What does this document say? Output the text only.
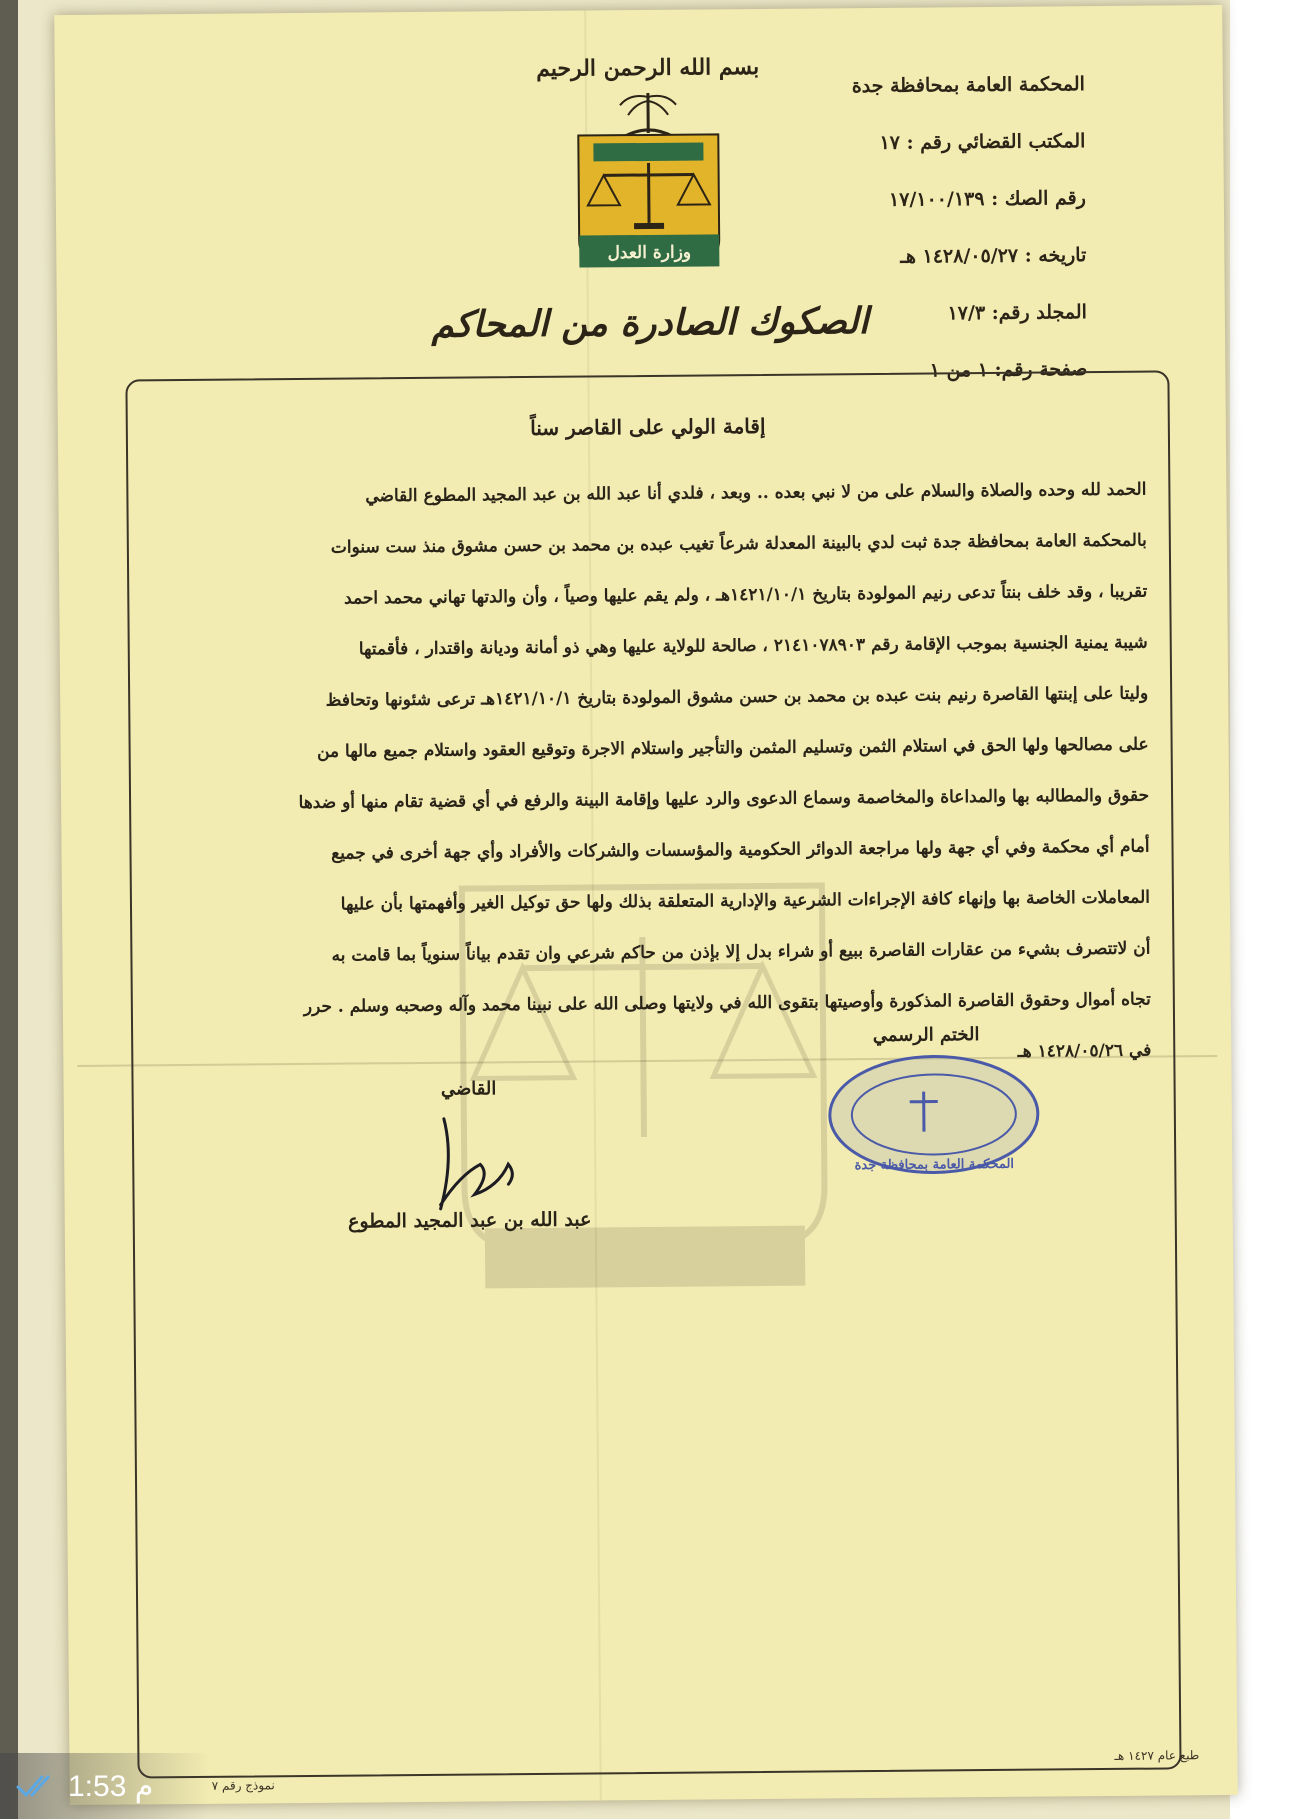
المحكمة العامة بمحافظة جدة
المكتب القضائي رقم : ١٧
رقم الصك : ١٧/١٠٠/١٣٩
تاريخه : ١٤٢٨/٠٥/٢٧ هـ
المجلد رقم: ١٧/٣
صفحة رقم: ١ من ١
بسم الله الرحمن الرحيم
وزارة العدل
الصكوك الصادرة من المحاكم
إقامة الولي على القاصر سناً
الحمد لله وحده والصلاة والسلام على من لا نبي بعده .. وبعد ، فلدي أنا عبد الله بن عبد المجيد المطوع القاضي
بالمحكمة العامة بمحافظة جدة ثبت لدي بالبينة المعدلة شرعاً تغيب عبده بن محمد بن حسن مشوق منذ ست سنوات
تقريبا ، وقد خلف بنتاً تدعى رنيم المولودة بتاريخ ١٤٢١/١٠/١هـ ، ولم يقم عليها وصياً ، وأن والدتها تهاني محمد احمد
شيبة يمنية الجنسية بموجب الإقامة رقم ٢١٤١٠٧٨٩٠٣ ، صالحة للولاية عليها وهي ذو أمانة وديانة واقتدار ، فأقمتها
وليتا على إبنتها القاصرة رنيم بنت عبده بن محمد بن حسن مشوق المولودة بتاريخ ١٤٢١/١٠/١هـ ترعى شئونها وتحافظ
على مصالحها ولها الحق في استلام الثمن وتسليم المثمن والتأجير واستلام الاجرة وتوقيع العقود واستلام جميع مالها من
حقوق والمطالبه بها والمداعاة والمخاصمة وسماع الدعوى والرد عليها وإقامة البينة والرفع في أي قضية تقام منها أو ضدها
أمام أي محكمة وفي أي جهة ولها مراجعة الدوائر الحكومية والمؤسسات والشركات والأفراد وأي جهة أخرى في جميع
المعاملات الخاصة بها وإنهاء كافة الإجراءات الشرعية والإدارية المتعلقة بذلك ولها حق توكيل الغير وأفهمتها بأن عليها
أن لاتتصرف بشيء من عقارات القاصرة ببيع أو شراء بدل إلا بإذن من حاكم شرعي وان تقدم بياناً سنوياً بما قامت به
تجاه أموال وحقوق القاصرة المذكورة وأوصيتها بتقوى الله في ولايتها وصلى الله على نبينا محمد وآله وصحبه وسلم . حرر
في ١٤٢٨/٠٥/٢٦ هـ
الختم الرسمي
المحكمة العامة بمحافظة جدة
القاضي
عبد الله بن عبد المجيد المطوع
نموذج رقم ٧
طبع عام ١٤٢٧ هـ
1:53 م
